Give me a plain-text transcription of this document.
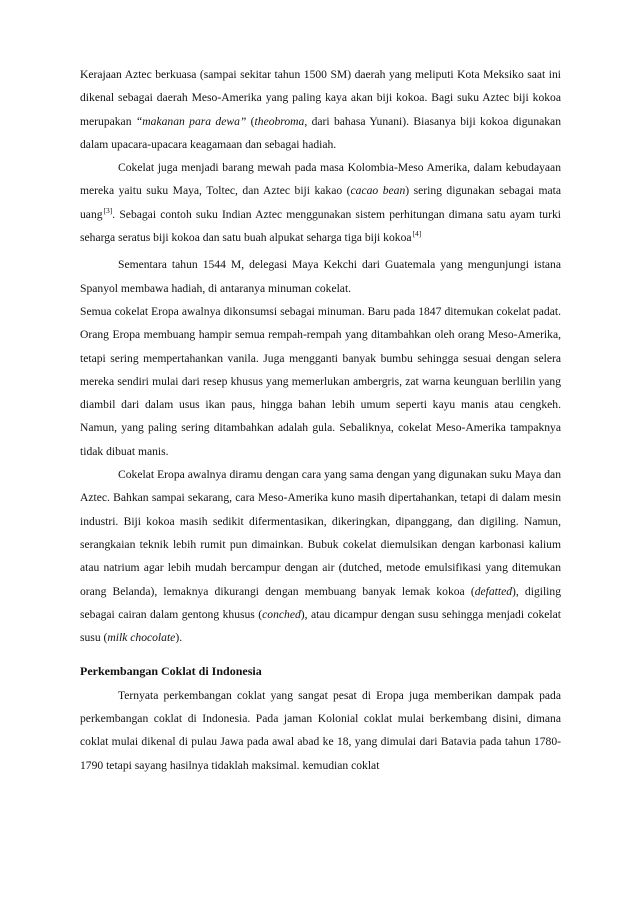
Kerajaan Aztec berkuasa (sampai sekitar tahun 1500 SM) daerah yang meliputi Kota Meksiko saat ini dikenal sebagai daerah Meso-Amerika yang paling kaya akan biji kokoa. Bagi suku Aztec biji kokoa merupakan “makanan para dewa” (theobroma, dari bahasa Yunani). Biasanya biji kokoa digunakan dalam upacara-upacara keagamaan dan sebagai hadiah.

Cokelat juga menjadi barang mewah pada masa Kolombia-Meso Amerika, dalam kebudayaan mereka yaitu suku Maya, Toltec, dan Aztec biji kakao (cacao bean) sering digunakan sebagai mata uang[3]. Sebagai contoh suku Indian Aztec menggunakan sistem perhitungan dimana satu ayam turki seharga seratus biji kokoa dan satu buah alpukat seharga tiga biji kokoa[4]

Sementara tahun 1544 M, delegasi Maya Kekchi dari Guatemala yang mengunjungi istana Spanyol membawa hadiah, di antaranya minuman cokelat.

Semua cokelat Eropa awalnya dikonsumsi sebagai minuman. Baru pada 1847 ditemukan cokelat padat. Orang Eropa membuang hampir semua rempah-rempah yang ditambahkan oleh orang Meso-Amerika, tetapi sering mempertahankan vanila. Juga mengganti banyak bumbu sehingga sesuai dengan selera mereka sendiri mulai dari resep khusus yang memerlukan ambergris, zat warna keunguan berlilin yang diambil dari dalam usus ikan paus, hingga bahan lebih umum seperti kayu manis atau cengkeh. Namun, yang paling sering ditambahkan adalah gula. Sebaliknya, cokelat Meso-Amerika tampaknya tidak dibuat manis.

Cokelat Eropa awalnya diramu dengan cara yang sama dengan yang digunakan suku Maya dan Aztec. Bahkan sampai sekarang, cara Meso-Amerika kuno masih dipertahankan, tetapi di dalam mesin industri. Biji kokoa masih sedikit difermentasikan, dikeringkan, dipanggang, dan digiling. Namun, serangkaian teknik lebih rumit pun dimainkan. Bubuk cokelat diemulsikan dengan karbonasi kalium atau natrium agar lebih mudah bercampur dengan air (dutched, metode emulsifikasi yang ditemukan orang Belanda), lemaknya dikurangi dengan membuang banyak lemak kokoa (defatted), digiling sebagai cairan dalam gentong khusus (conched), atau dicampur dengan susu sehingga menjadi cokelat susu (milk chocolate).

Perkembangan Coklat di Indonesia

Ternyata perkembangan coklat yang sangat pesat di Eropa juga memberikan dampak pada perkembangan coklat di Indonesia. Pada jaman Kolonial coklat mulai berkembang disini, dimana coklat mulai dikenal di pulau Jawa pada awal abad ke 18, yang dimulai dari Batavia pada tahun 1780-1790 tetapi sayang hasilnya tidaklah maksimal. kemudian coklat
